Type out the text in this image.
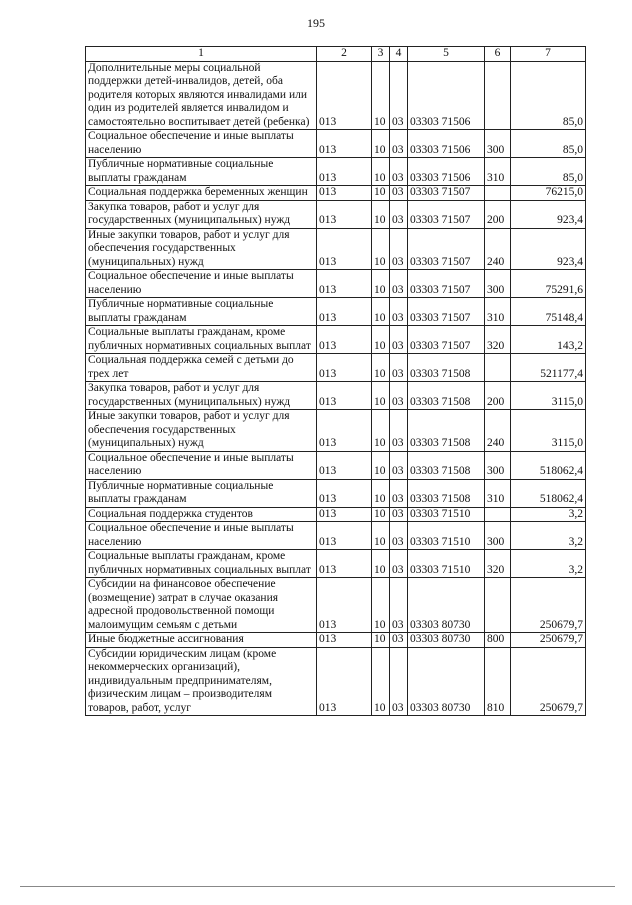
195
1	2	3	4	5	6	7
Дополнительные меры социальной поддержки детей-инвалидов, детей, оба родителя которых являются инвалидами или один из родителей является инвалидом и самостоятельно воспитывает детей (ребенка)	013	10	03	03303 71506		85,0
Социальное обеспечение и иные выплаты населению	013	10	03	03303 71506	300	85,0
Публичные нормативные социальные выплаты гражданам	013	10	03	03303 71506	310	85,0
Социальная поддержка беременных женщин	013	10	03	03303 71507		76215,0
Закупка товаров, работ и услуг для государственных (муниципальных) нужд	013	10	03	03303 71507	200	923,4
Иные закупки товаров, работ и услуг для обеспечения государственных (муниципальных) нужд	013	10	03	03303 71507	240	923,4
Социальное обеспечение и иные выплаты населению	013	10	03	03303 71507	300	75291,6
Публичные нормативные социальные выплаты гражданам	013	10	03	03303 71507	310	75148,4
Социальные выплаты гражданам, кроме публичных нормативных социальных выплат	013	10	03	03303 71507	320	143,2
Социальная поддержка семей с детьми до трех лет	013	10	03	03303 71508		521177,4
Закупка товаров, работ и услуг для государственных (муниципальных) нужд	013	10	03	03303 71508	200	3115,0
Иные закупки товаров, работ и услуг для обеспечения государственных (муниципальных) нужд	013	10	03	03303 71508	240	3115,0
Социальное обеспечение и иные выплаты населению	013	10	03	03303 71508	300	518062,4
Публичные нормативные социальные выплаты гражданам	013	10	03	03303 71508	310	518062,4
Социальная поддержка студентов	013	10	03	03303 71510		3,2
Социальное обеспечение и иные выплаты населению	013	10	03	03303 71510	300	3,2
Социальные выплаты гражданам, кроме публичных нормативных социальных выплат	013	10	03	03303 71510	320	3,2
Субсидии на финансовое обеспечение (возмещение) затрат в случае оказания адресной продовольственной помощи малоимущим семьям с детьми	013	10	03	03303 80730		250679,7
Иные бюджетные ассигнования	013	10	03	03303 80730	800	250679,7
Субсидии юридическим лицам (кроме некоммерческих организаций), индивидуальным предпринимателям, физическим лицам – производителям товаров, работ, услуг	013	10	03	03303 80730	810	250679,7
